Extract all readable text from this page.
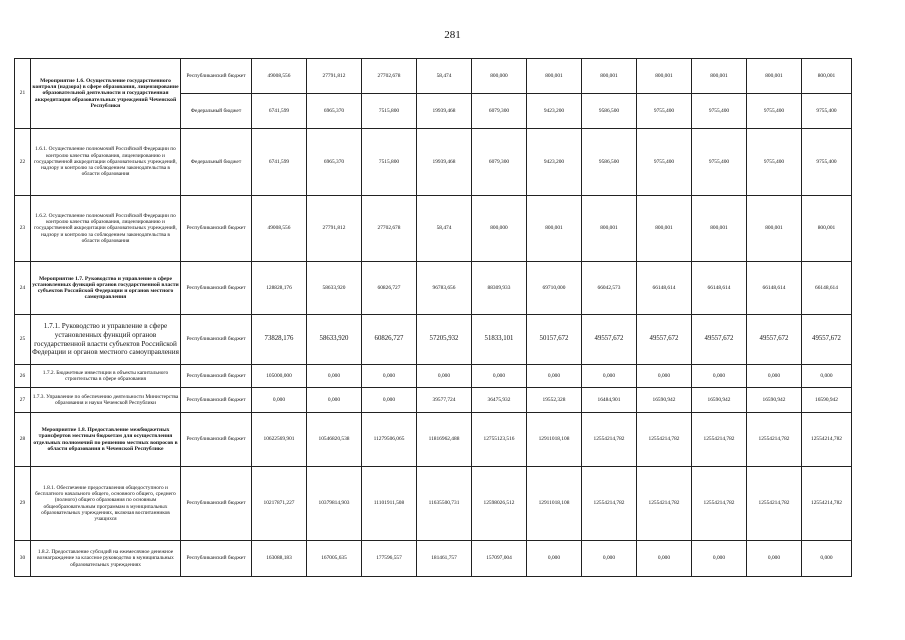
281
21	Мероприятие 1.6. Осуществление государственного контроля (надзора) в сфере образования, лицензирование образовательной деятельности и государственная аккредитация образовательных учреждений Чеченской Республики	Республиканский бюджет	49008,556	27791,812	27702,678	58,474	800,000	800,001	800,001	800,001	800,001	800,001	800,001
		Федеральный бюджет	6741,599	6965,370	7515,800	19939,468	6079,300	9423,200	9586,500	9755,400	9755,400	9755,400	9755,400
22	1.6.1. Осуществление полномочий Российской Федерации по контролю качества образования, лицензированию и государственной аккредитации образовательных учреждений, надзору и контролю за соблюдением законодательства в области образования	Федеральный бюджет	6741,599	6965,370	7515,800	19939,468	6079,300	9423,200	9586,500	9755,400	9755,400	9755,400	9755,400
23	1.6.2. Осуществление полномочий Российской Федерации по контролю качества образования, лицензированию и государственной аккредитации образовательных учреждений, надзору и контролю за соблюдением законодательства в области образования	Республиканский бюджет	49008,556	27791,812	27702,678	58,474	800,000	800,001	800,001	800,001	800,001	800,001	800,001
24	Мероприятие 1.7. Руководство и управление в сфере установленных функций органов государственной власти субъектов Российской Федерации и органов местного самоуправления	Республиканский бюджет	128828,176	58633,920	60826,727	96783,656	88309,933	69710,000	66042,573	66148,614	66148,614	66148,614	66148,614
25	1.7.1. Руководство и управление в сфере установленных функций органов государственной власти субъектов Российской Федерации и органов местного самоуправления	Республиканский бюджет	73828,176	58633,920	60826,727	57205,932	51833,101	50157,672	49557,672	49557,672	49557,672	49557,672	49557,672
26	1.7.2. Бюджетные инвестиции в объекты капитального строительства в сфере образования	Республиканский бюджет	105000,000	0,000	0,000	0,000	0,000	0,000	0,000	0,000	0,000	0,000	0,000
27	1.7.3. Управление по обеспечению деятельности Министерства образования и науки Чеченской Республики	Республиканский бюджет	0,000	0,000	0,000	39577,724	36475,932	19552,328	16484,901	16590,942	16590,942	16590,942	16590,942
28	Мероприятие 1.8. Предоставление межбюджетных трансфертов местным бюджетам для осуществления отдельных полномочий по решению местных вопросов в области образования в Чеченской Республике	Республиканский бюджет	10622569,901	10546820,538	11279506,065	11816962,488	12755123,516	12911018,108	12554214,782	12554214,782	12554214,782	12554214,782	12554214,782
29	1.8.1. Обеспечение предоставления общедоступного и бесплатного начального общего, основного общего, среднего (полного) общего образования по основным общеобразовательным программам в муниципальных образовательных учреждениях, включая воспитанников учащихся	Республиканский бюджет	10217871,227	10379814,903	11101911,508	11635500,731	12598026,512	12911018,108	12554214,782	12554214,782	12554214,782	12554214,782	12554214,782
30	1.8.2. Предоставление субсидий на ежемесячное денежное вознаграждение за классное руководство в муниципальных образовательных учреждениях	Республиканский бюджет	163088,183	167005,635	177596,557	181461,757	157097,004	0,000	0,000	0,000	0,000	0,000	0,000
